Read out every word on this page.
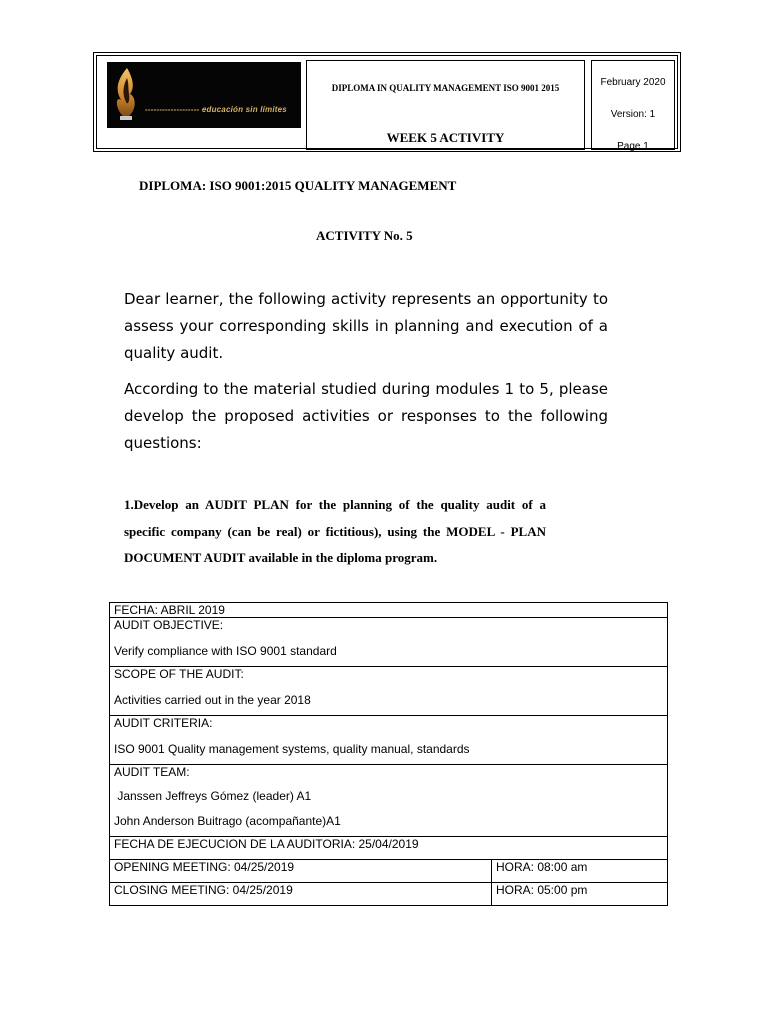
------------------- educación sin límites
DIPLOMA IN QUALITY MANAGEMENT ISO 9001 2015
WEEK 5 ACTIVITY
February 2020
Version: 1
Page 1
DIPLOMA: ISO 9001:2015 QUALITY MANAGEMENT
ACTIVITY No. 5
Dear learner, the following activity represents an opportunity to assess your corresponding skills in planning and execution of a quality audit.
According to the material studied during modules 1 to 5, please develop the proposed activities or responses to the following questions:
1.Develop an AUDIT PLAN for the planning of the quality audit of a specific company (can be real) or fictitious), using the MODEL - PLAN DOCUMENT AUDIT available in the diploma program.
FECHA: ABRIL 2019	

AUDIT OBJECTIVE:
Verify compliance with ISO 9001 standard	

SCOPE OF THE AUDIT:
Activities carried out in the year 2018	

AUDIT CRITERIA:
ISO 9001 Quality management systems, quality manual, standards	

AUDIT TEAM:
Janssen Jeffreys Gómez (leader) A1
John Anderson Buitrago (acompañante)A1	

FECHA DE EJECUCION DE LA AUDITORIA: 25/04/2019	
OPENING MEETING: 04/25/2019	HORA: 08:00 am
CLOSING MEETING: 04/25/2019	HORA: 05:00 pm
